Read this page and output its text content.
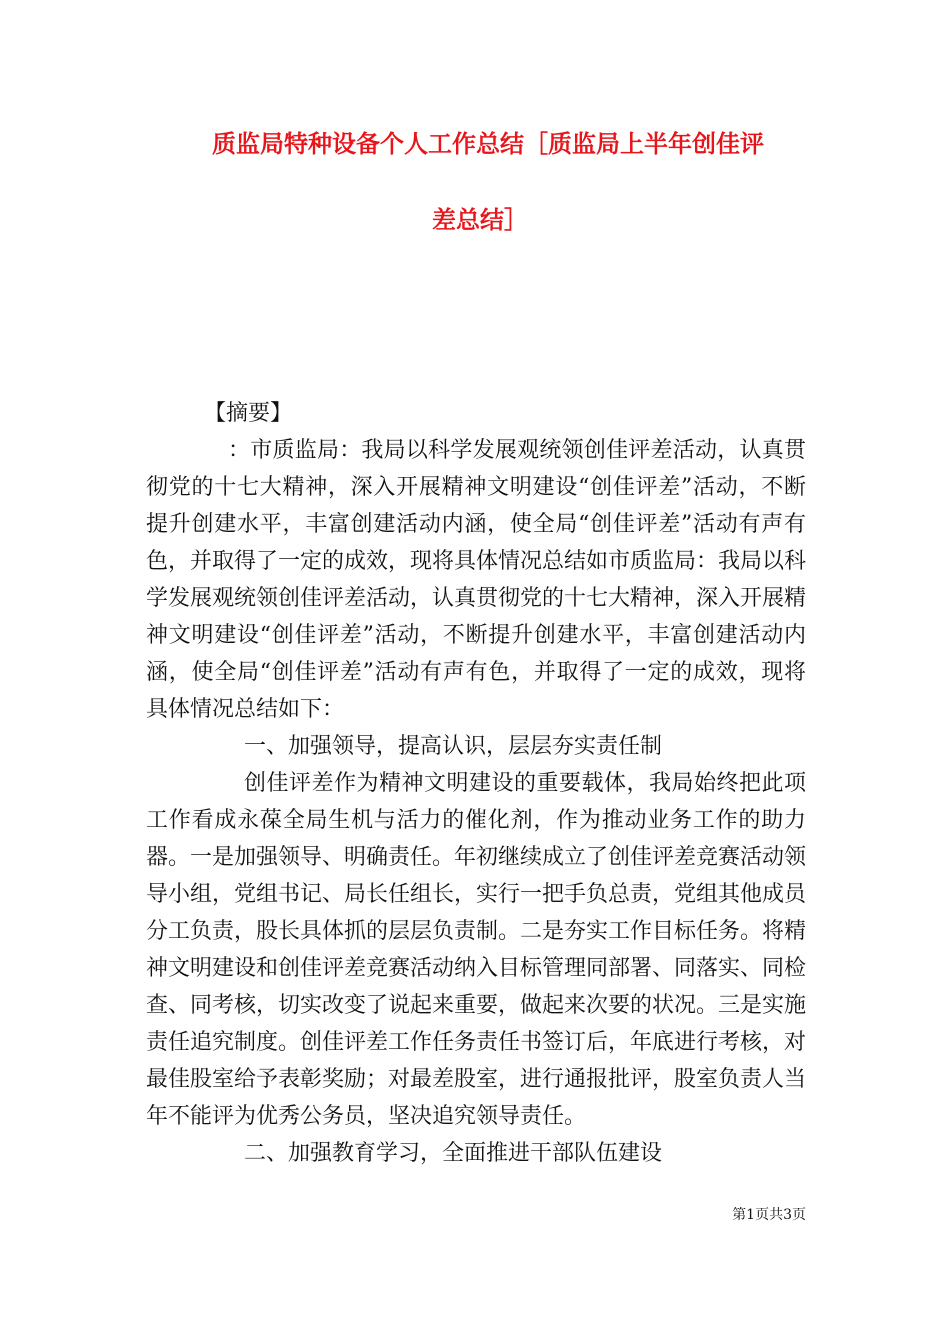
质监局特种设备个人工作总结［质监局上半年创佳评
差总结］

【摘要】

：市质监局：我局以科学发展观统领创佳评差活动，认真贯彻党的十七大精神，深入开展精神文明建设“创佳评差”活动，不断提升创建水平，丰富创建活动内涵，使全局“创佳评差”活动有声有色，并取得了一定的成效，现将具体情况总结如市质监局：我局以科学发展观统领创佳评差活动，认真贯彻党的十七大精神，深入开展精神文明建设“创佳评差”活动，不断提升创建水平，丰富创建活动内涵，使全局“创佳评差”活动有声有色，并取得了一定的成效，现将具体情况总结如下：

一、加强领导，提高认识，层层夯实责任制

创佳评差作为精神文明建设的重要载体，我局始终把此项工作看成永葆全局生机与活力的催化剂，作为推动业务工作的助力器。一是加强领导、明确责任。年初继续成立了创佳评差竞赛活动领导小组，党组书记、局长任组长，实行一把手负总责，党组其他成员分工负责，股长具体抓的层层负责制。二是夯实工作目标任务。将精神文明建设和创佳评差竞赛活动纳入目标管理同部署、同落实、同检查、同考核，切实改变了说起来重要，做起来次要的状况。三是实施责任追究制度。创佳评差工作任务责任书签订后，年底进行考核，对最佳股室给予表彰奖励；对最差股室，进行通报批评，股室负责人当年不能评为优秀公务员，坚决追究领导责任。

二、加强教育学习，全面推进干部队伍建设

第1页共3页
